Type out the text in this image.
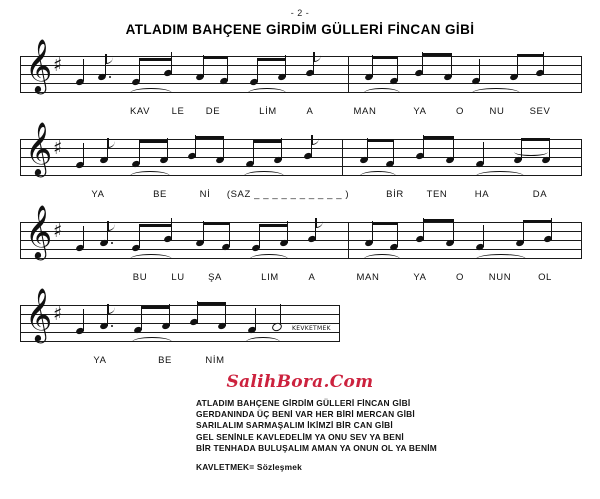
- 2 -
ATLADIM BAHÇENE GİRDİM GÜLLERİ FİNCAN GİBİ
𝄞 ♯
KAV LE DE	LİM	A	MAN	YA	O	NU	SEV
𝄞 ♯
YA	BE	Nİ (SAZ _ _ _ _ _ _ _ _ _ _ )	BİR TEN	HA	DA
𝄞 ♯
BU	LU ŞA	LIM	A	MAN	YA	O	NUN	OL
𝄞 ♯
KEVKETMEK
YA	BE	NİM
SalihBora.Com
ATLADIM BAHÇENE GİRDİM GÜLLERİ FİNCAN GİBİ
GERDANINDA ÜÇ BENİ VAR HER BİRİ MERCAN GİBİ
SARILALIM SARMAŞALIM İKİMZİ BİR CAN GİBİ
GEL SENİNLE KAVLEDELİM YA ONU SEV YA BENİ
BİR TENHADA BULUŞALIM AMAN YA ONUN OL YA BENİM
KAVLETMEK= Sözleşmek
